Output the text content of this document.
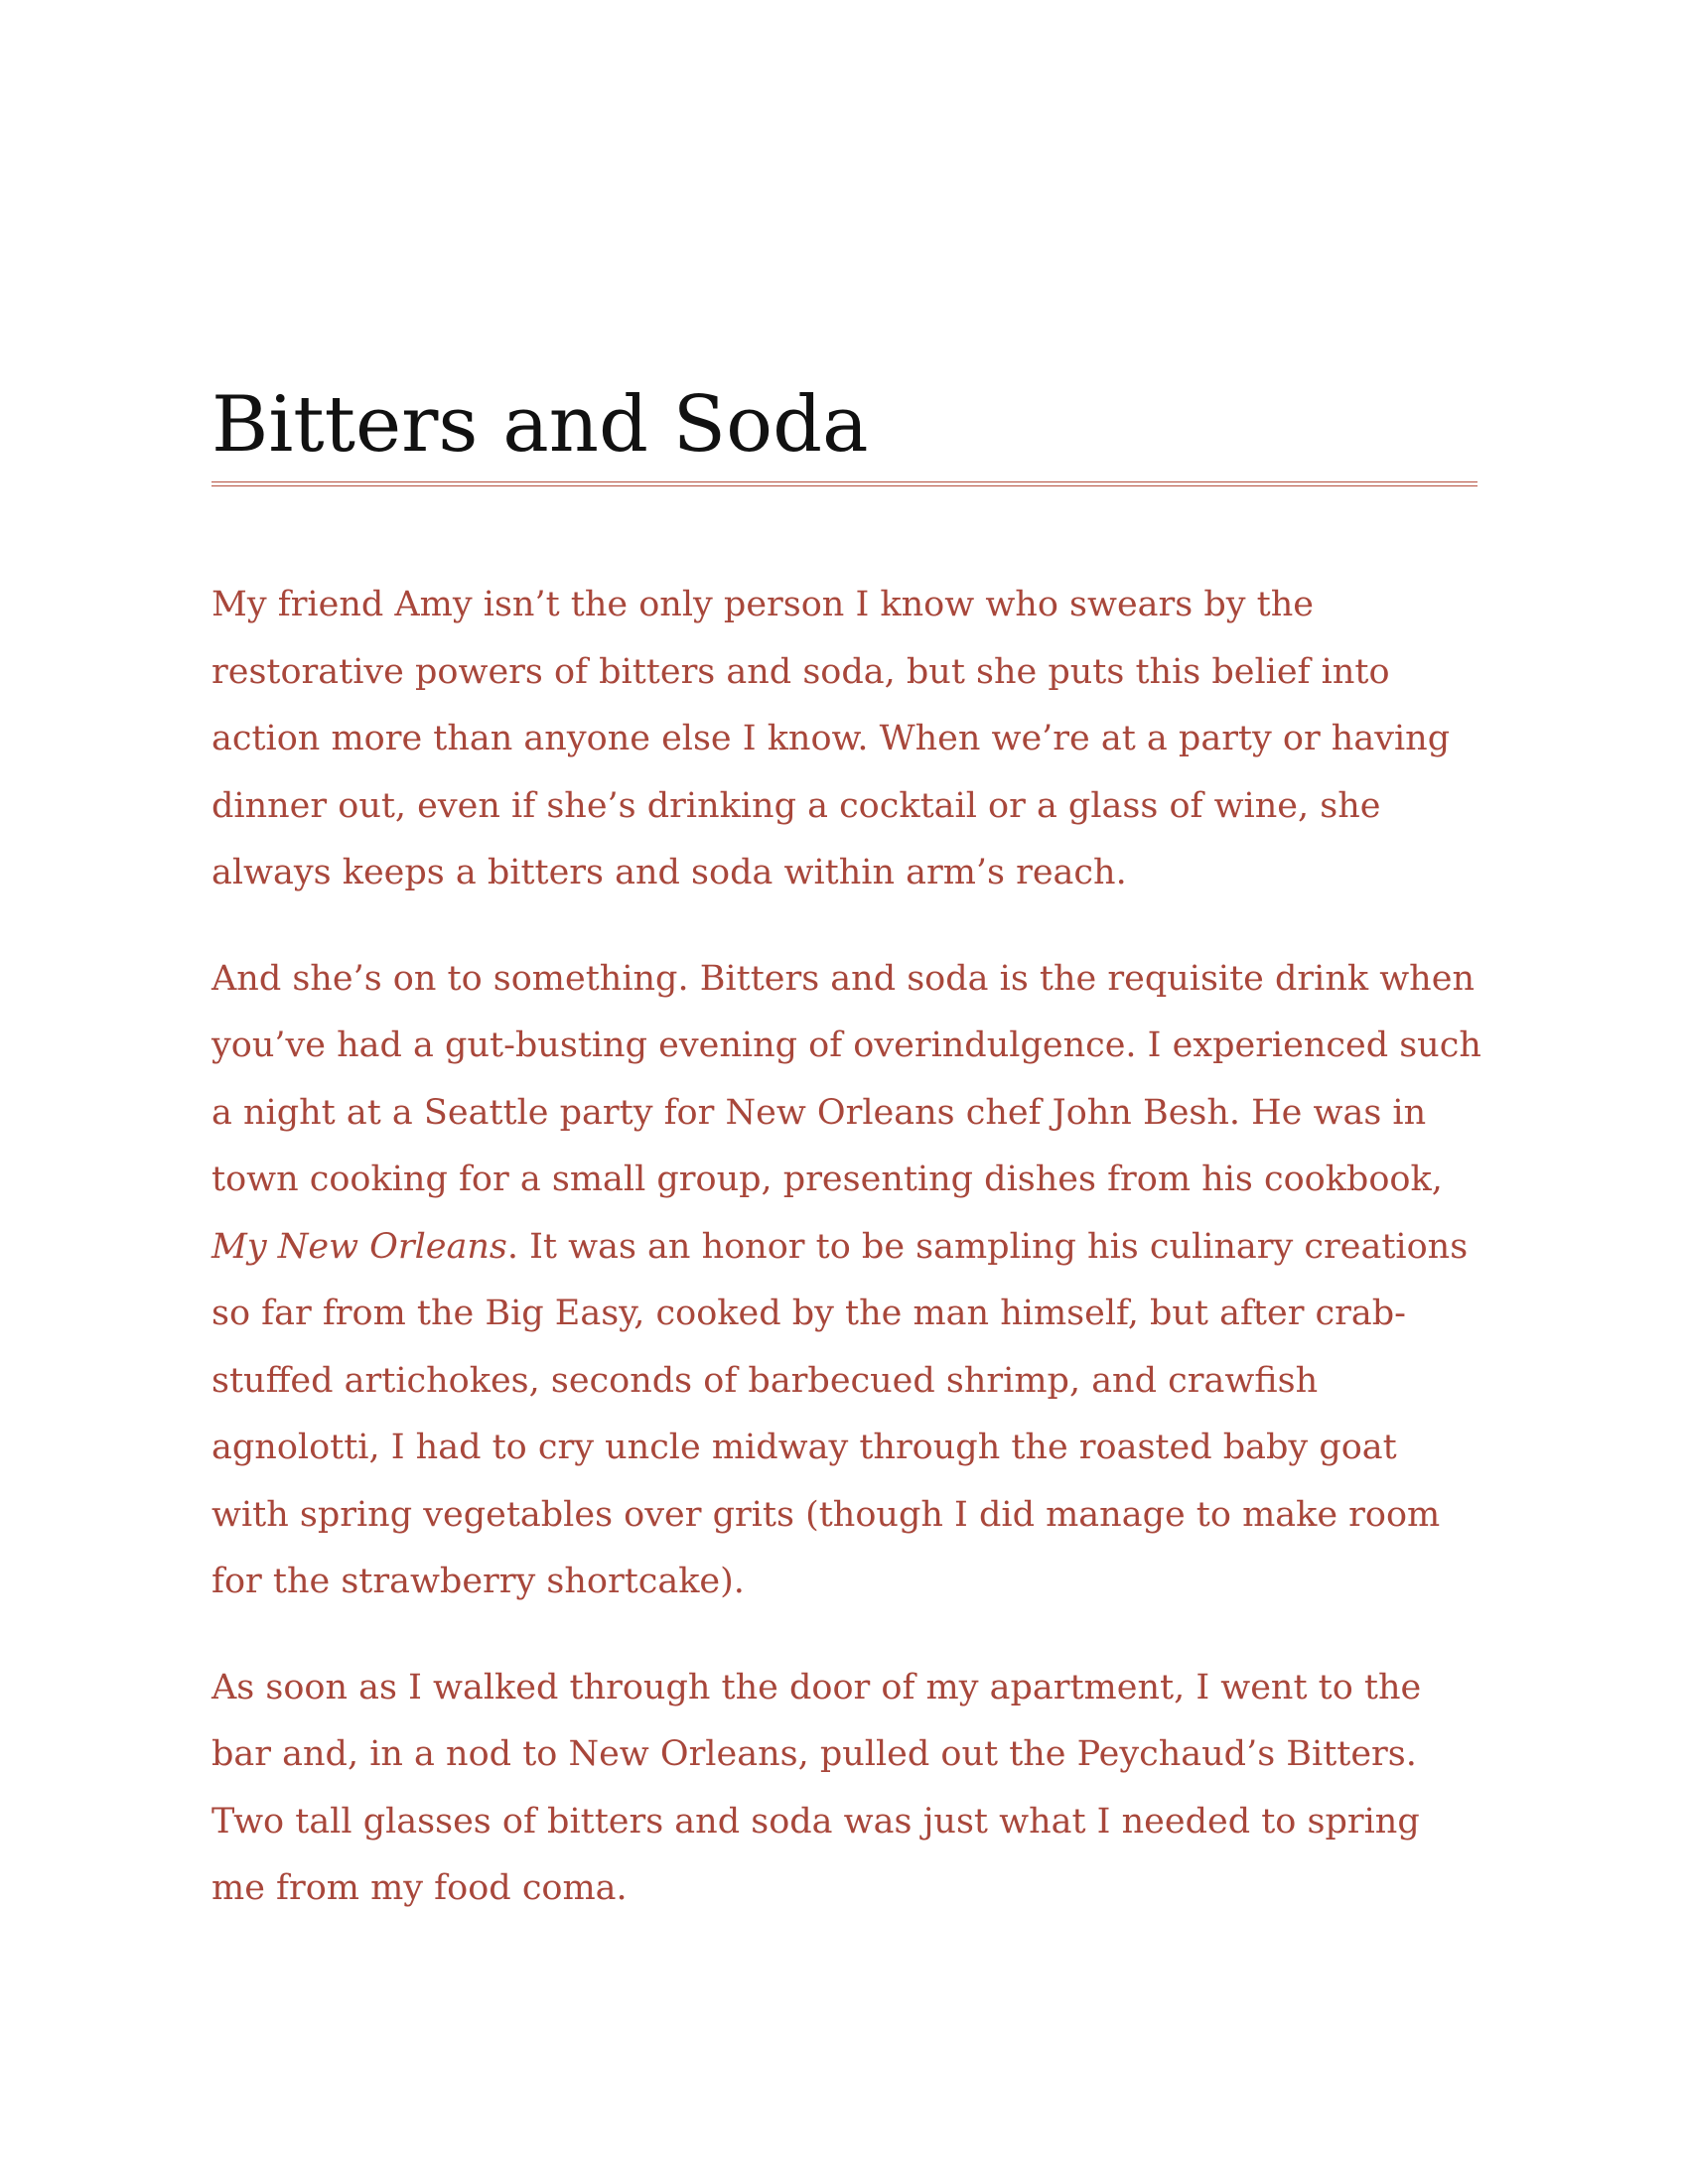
Bitters and Soda

My friend Amy isn’t the only person I know who swears by the restorative powers of bitters and soda, but she puts this belief into action more than anyone else I know. When we’re at a party or having dinner out, even if she’s drinking a cocktail or a glass of wine, she always keeps a bitters and soda within arm’s reach.

And she’s on to something. Bitters and soda is the requisite drink when you’ve had a gut-busting evening of overindulgence. I experienced such a night at a Seattle party for New Orleans chef John Besh. He was in town cooking for a small group, presenting dishes from his cookbook, My New Orleans. It was an honor to be sampling his culinary creations so far from the Big Easy, cooked by the man himself, but after crab-stuffed artichokes, seconds of barbecued shrimp, and crawfish agnolotti, I had to cry uncle midway through the roasted baby goat with spring vegetables over grits (though I did manage to make room for the strawberry shortcake).

As soon as I walked through the door of my apartment, I went to the bar and, in a nod to New Orleans, pulled out the Peychaud’s Bitters. Two tall glasses of bitters and soda was just what I needed to spring me from my food coma.
